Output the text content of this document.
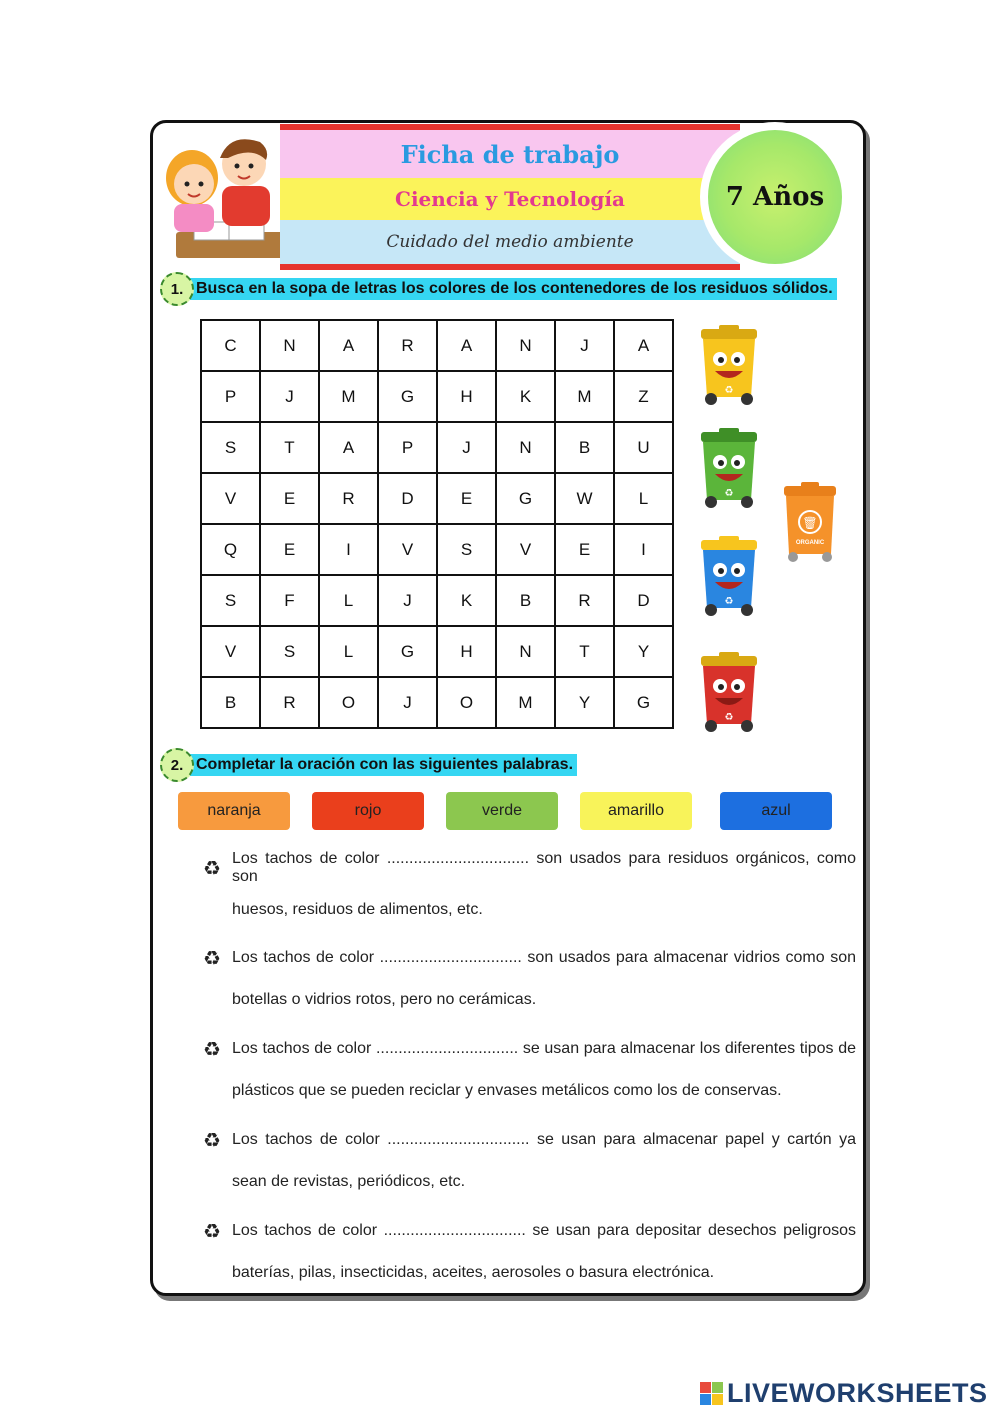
Ficha de trabajo
Ciencia y Tecnología
Cuidado del medio ambiente
7 Años
1. Busca en la sopa de letras los colores de los contenedores de los residuos sólidos.
C	N	A	R	A	N	J	A
P	J	M	G	H	K	M	Z
S	T	A	P	J	N	B	U
V	E	R	D	E	G	W	L
Q	E	I	V	S	V	E	I
S	F	L	J	K	B	R	D
V	S	L	G	H	N	T	Y
B	R	O	J	O	M	Y	G
♻
♻
♻
♻
🗑
ORGANIC
2. Completar la oración con las siguientes palabras.
naranja	rojo	verde	amarillo	azul
♻ Los tachos de color ................................ son usados para residuos orgánicos, como son
huesos, residuos de alimentos, etc.
♻ Los tachos de color ................................ son usados para almacenar vidrios como son
botellas o vidrios rotos, pero no cerámicas.
♻ Los tachos de color ................................ se usan para almacenar los diferentes tipos de
plásticos que se pueden reciclar y envases metálicos como los de conservas.
♻ Los tachos de color ................................ se usan para almacenar papel y cartón ya
sean de revistas, periódicos, etc.
♻ Los tachos de color ................................ se usan para depositar desechos peligrosos
baterías, pilas, insecticidas, aceites, aerosoles o basura electrónica.
LIVEWORKSHEETS
